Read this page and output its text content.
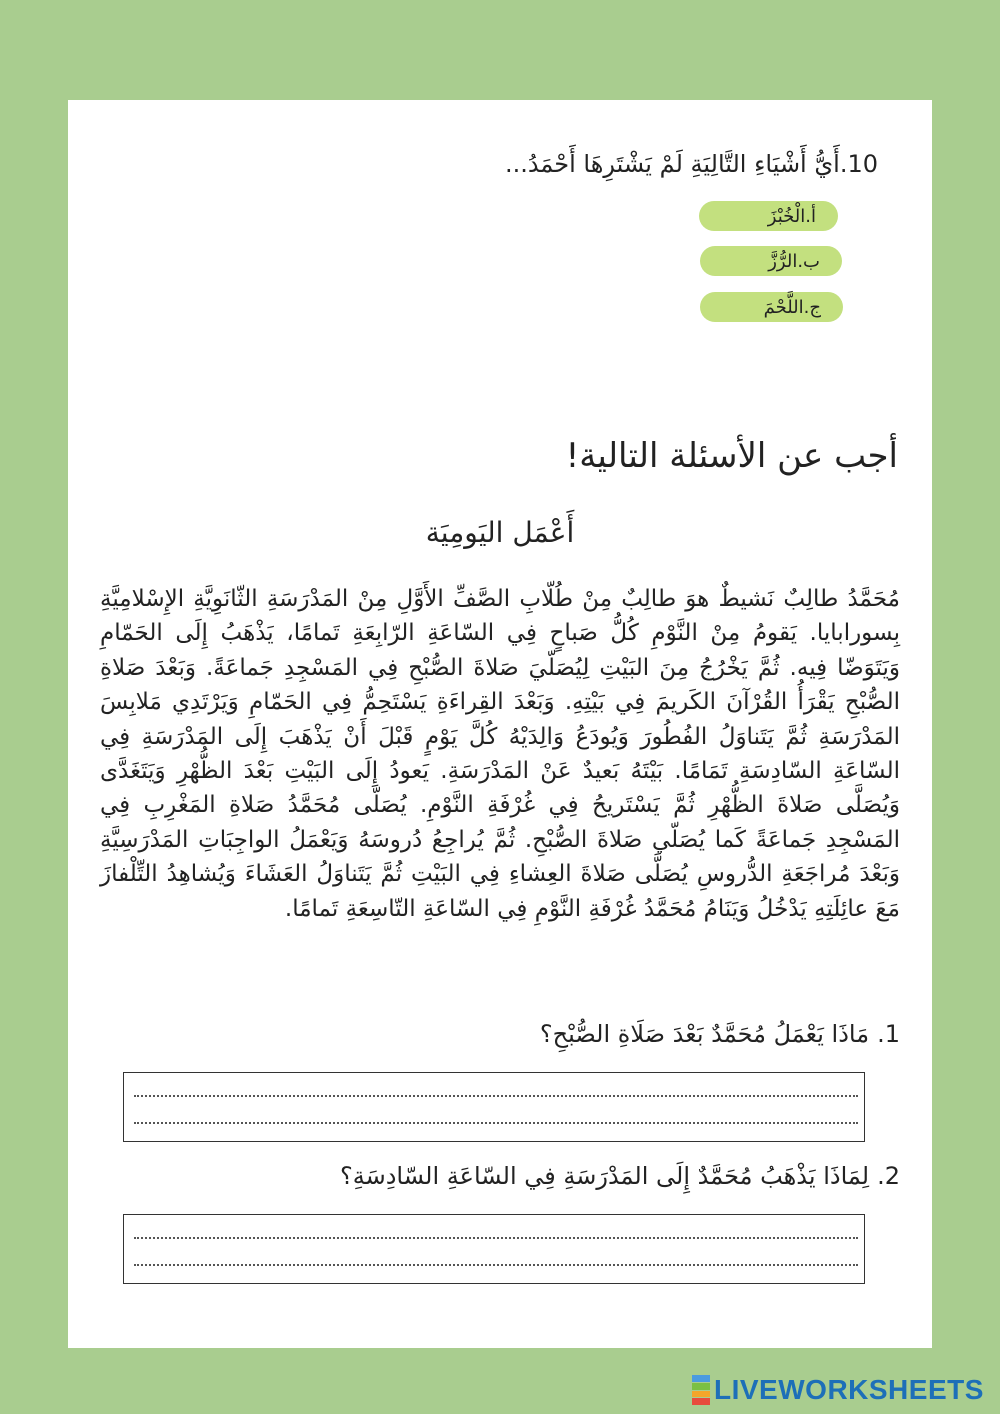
10.
أَيُّ أَشْيَاءِ التَّالِيَةِ لَمْ يَشْتَرِهَا أَحْمَدُ...
أ.الْخُبْزَ
ب.الرُّزَّ
ج.اللَّحْمَ
أجب عن الأسئلة التالية!
أَعْمَل اليَومِيَة

مُحَمَّدُ طالِبٌ نَشيطٌ هوَ طالِبٌ مِنْ طُلّابِ الصَّفِّ الأَوَّلِ مِنْ المَدْرَسَةِ الثّانَوِيَّةِ الإِسْلامِيَّةِ بِسورابايا. يَقومُ مِنْ النَّوْمِ كُلُّ صَباحٍ فِي السّاعَةِ الرّابِعَةِ تَمامًا، يَذْهَبُ إِلَى الحَمّامِ وَيَتَوَضّا فِيه. ثُمَّ يَخْرُجُ مِنَ البَيْتِ لِيُصَلّيَ صَلاةَ الصُّبْحِ فِي المَسْجِدِ جَماعَةً. وَبَعْدَ صَلاةِ الصُّبْحِ يَقْرَأُ القُرْآنَ الكَريمَ فِي بَيْتِهِ. وَبَعْدَ القِراءَةِ يَسْتَحِمُّ فِي الحَمّامِ وَيَرْتَدِي مَلابِسَ المَدْرَسَةِ ثُمَّ يَتَناوَلُ الفُطُورَ وَيُودَعُ وَالِدَيْهُ كُلَّ يَوْمٍ قَبْلَ أَنْ يَذْهَبَ إِلَى المَدْرَسَةِ فِي السّاعَةِ السّادِسَةِ تَمَامًا. بَيْتَهُ بَعيدٌ عَنْ المَدْرَسَةِ. يَعودُ إِلَى البَيْتِ بَعْدَ الظُّهْرِ وَيَتَغَدَّى وَيُصَلَّى صَلاةَ الظُّهْرِ ثُمَّ يَسْتَريحُ فِي غُرْفَةِ النَّوْمِ. يُصَلّى مُحَمَّدُ صَلاةِ المَغْرِبِ فِي المَسْجِدِ جَماعَةً كَما يُصَلّي صَلاةَ الصُّبْحِ. ثُمَّ يُراجِعُ دُروسَهُ وَيَعْمَلُ الواجِبَاتِ المَدْرَسِيَّةِ وَبَعْدَ مُراجَعَةِ الدُّروسِ يُصَلَّى صَلاةَ العِشاءِ فِي البَيْتِ ثُمَّ يَتَناوَلُ العَشَاءَ وَيُشاهِدُ التِّلْفازَ مَعَ عائِلَتِهِ يَدْخُلُ وَيَنَامُ مُحَمَّدُ غُرْفَةِ النَّوْمِ فِي السّاعَةِ التّاسِعَةِ تَمامًا.

1.
مَاذَا يَعْمَلُ مُحَمَّدٌ بَعْدَ صَلَاةِ الصُّبْحِ؟
2.
لِمَاذَا يَذْهَبُ مُحَمَّدٌ إِلَى المَدْرَسَةِ فِي السّاعَةِ السّادِسَةِ؟
LIVEWORKSHEETS
